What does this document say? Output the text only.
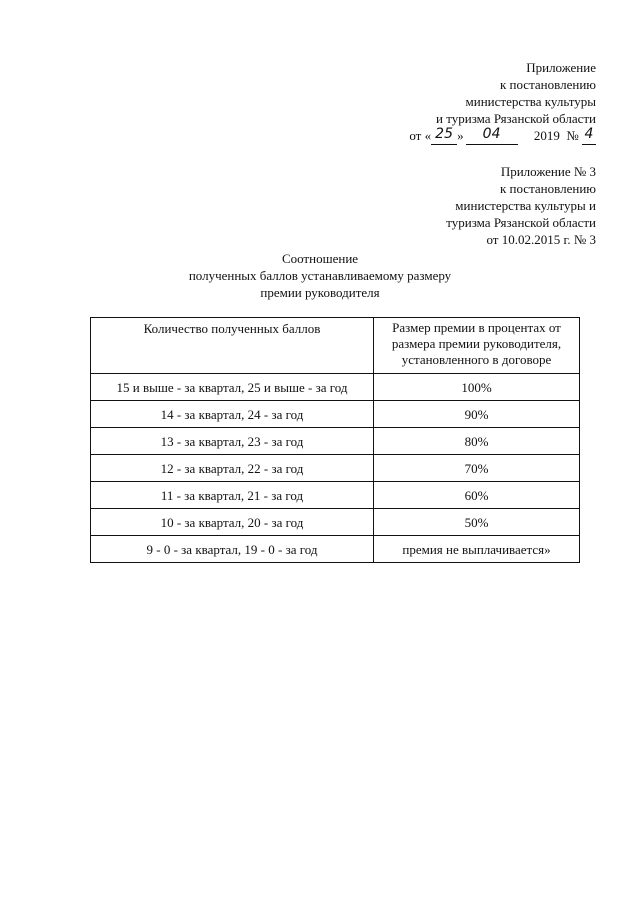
Приложение
к постановлению
министерства культуры
и туризма Рязанской области
от « 25 » 04	2019 № 4
Приложение № 3
к постановлению
министерства культуры и
туризма Рязанской области
от 10.02.2015 г. № 3
Соотношение
полученных баллов устанавливаемому размеру
премии руководителя
Количество полученных баллов	Размер премии в процентах от
размера премии руководителя,
установленного в договоре

15 и выше - за квартал, 25 и выше - за год	100%
14 - за квартал, 24 - за год	90%
13 - за квартал, 23 - за год	80%
12 - за квартал, 22 - за год	70%
11 - за квартал, 21 - за год	60%
10 - за квартал, 20 - за год	50%
9 - 0 - за квартал, 19 - 0 - за год	премия не выплачивается»
